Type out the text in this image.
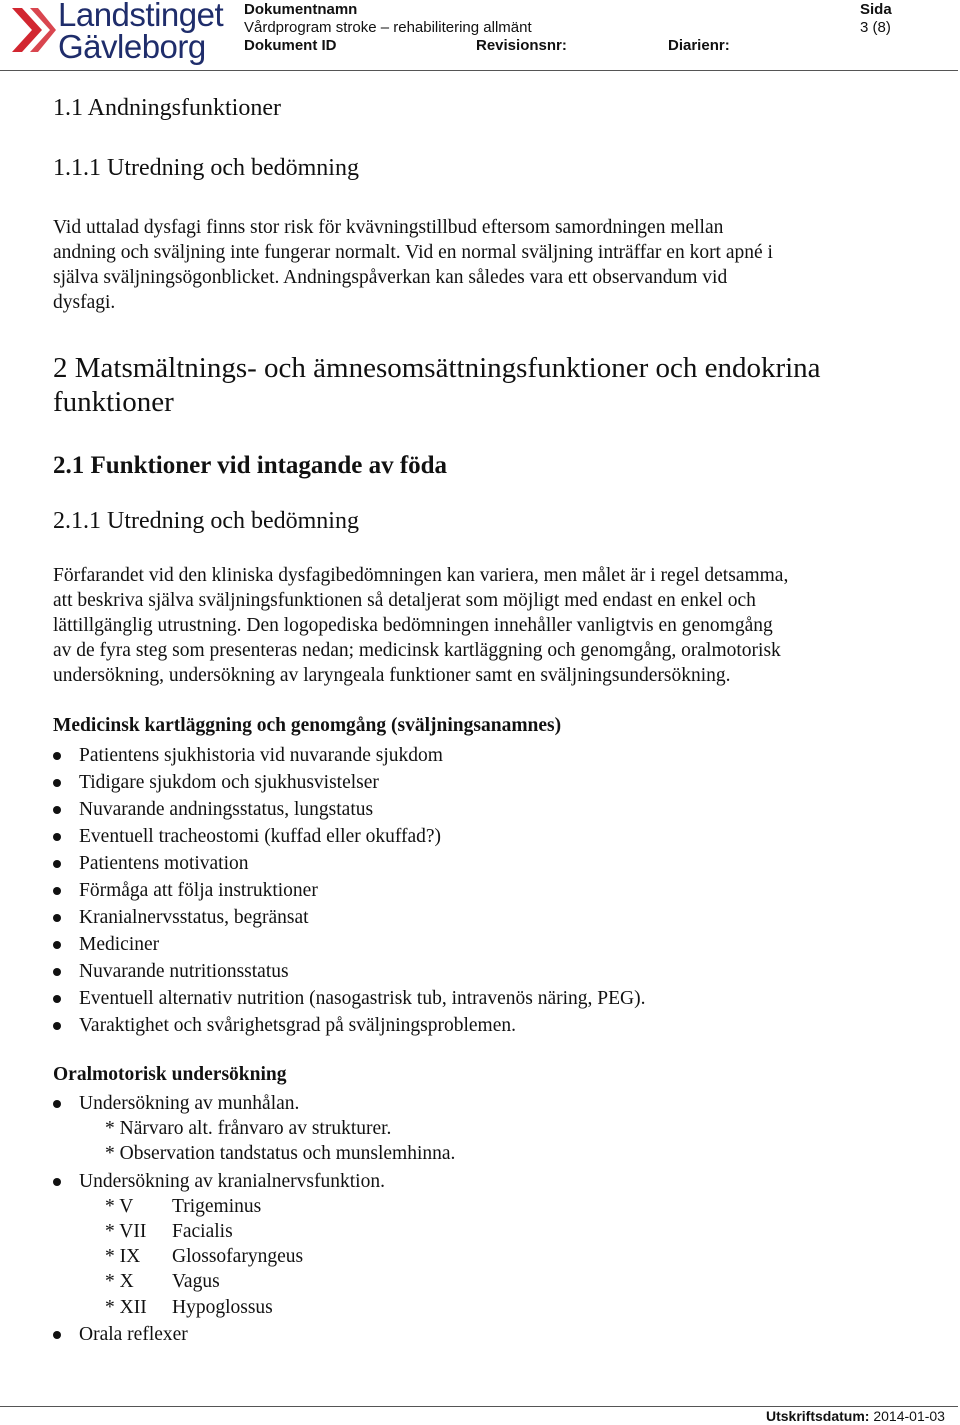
Landstinget
Gävleborg
Dokumentnamn
Vårdprogram stroke – rehabilitering allmänt
Dokument ID	Revisionsnr:	Diarienr:
Sida
3 (8)
1.1 Andningsfunktioner
1.1.1 Utredning och bedömning
Vid uttalad dysfagi finns stor risk för kvävningstillbud eftersom samordningen mellan
andning och sväljning inte fungerar normalt. Vid en normal sväljning inträffar en kort apné i
själva sväljningsögonblicket. Andningspåverkan kan således vara ett observandum vid
dysfagi.
2 Matsmältnings- och ämnesomsättningsfunktioner och endokrina
funktioner
2.1 Funktioner vid intagande av föda
2.1.1 Utredning och bedömning
Förfarandet vid den kliniska dysfagibedömningen kan variera, men målet är i regel detsamma,
att beskriva själva sväljningsfunktionen så detaljerat som möjligt med endast en enkel och
lättillgänglig utrustning. Den logopediska bedömningen innehåller vanligtvis en genomgång
av de fyra steg som presenteras nedan; medicinsk kartläggning och genomgång, oralmotorisk
undersökning, undersökning av laryngeala funktioner samt en sväljningsundersökning.
Medicinsk kartläggning och genomgång (sväljningsanamnes)
Patientens sjukhistoria vid nuvarande sjukdom
Tidigare sjukdom och sjukhusvistelser
Nuvarande andningsstatus, lungstatus
Eventuell tracheostomi (kuffad eller okuffad?)
Patientens motivation
Förmåga att följa instruktioner
Kranialnervsstatus, begränsat
Mediciner
Nuvarande nutritionsstatus
Eventuell alternativ nutrition (nasogastrisk tub, intravenös näring, PEG).
Varaktighet och svårighetsgrad på sväljningsproblemen.
Oralmotorisk undersökning
Undersökning av munhålan.
* Närvaro alt. frånvaro av strukturer.
* Observation tandstatus och munslemhinna.
Undersökning av kranialnervsfunktion.
* V Trigeminus
* VII Facialis
* IX Glossofaryngeus
* X Vagus
* XII Hypoglossus
Orala reflexer
Utskriftsdatum: 2014-01-03
